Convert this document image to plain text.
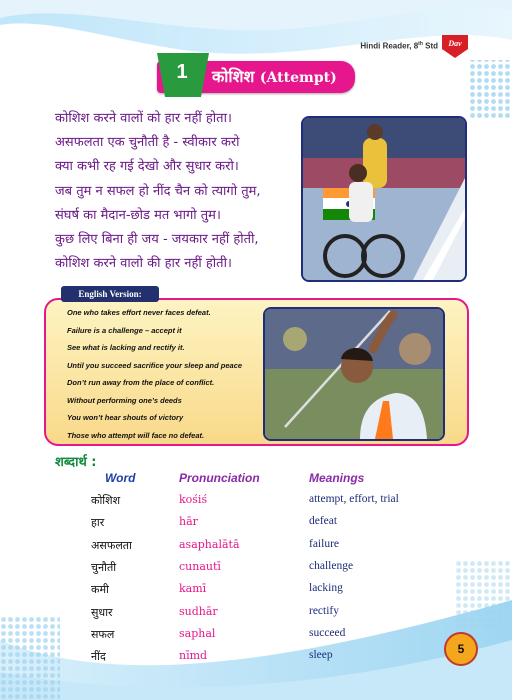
Hindi Reader, 8th Std Dav
1	कोशिश (Attempt)
कोशिश करने वालों को हार नहीं होता।
असफलता एक चुनौती है - स्वीकार करो
क्या कभी रह गई देखो और सुधार करो।
जब तुम न सफल हो नींद चैन को त्यागो तुम,
संघर्ष का मैदान-छोड मत भागो तुम।
कुछ लिए बिना ही जय - जयकार नहीं होती,
कोशिश करने वालो की हार नहीं होती।
English Version:
One who takes effort never faces defeat.
Failure is a challenge – accept it
See what is lacking and rectify it.
Until you succeed sacrifice your sleep and peace
Don’t run away from the place of conflict.
Without performing one’s deeds
You won’t hear shouts of victory
Those who attempt will face no defeat.
शब्दार्थ :
Word	Pronunciation	Meanings
कोशिश	kośiś	attempt, effort, trial
हार	hār	defeat
असफलता	asaphalātā	failure
चुनौती	cunautī	challenge
कमी	kamī	lacking
सुधार	sudhār	rectify
सफल	saphal	succeed
नींद	nīmd	sleep	5
